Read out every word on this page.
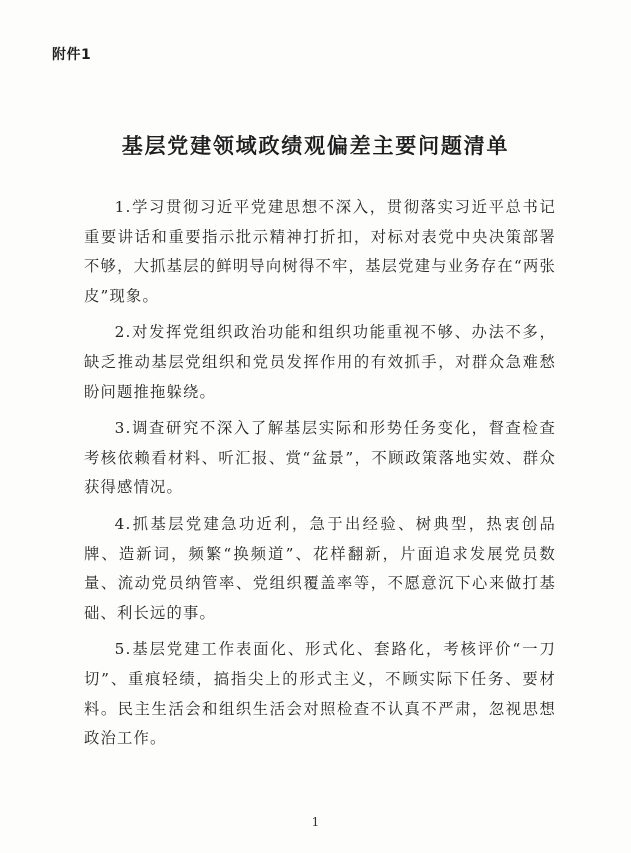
附件1
基层党建领域政绩观偏差主要问题清单

1.学习贯彻习近平党建思想不深入，贯彻落实习近平总书记重要讲话和重要指示批示精神打折扣，对标对表党中央决策部署不够，大抓基层的鲜明导向树得不牢，基层党建与业务存在“两张皮”现象。

2.对发挥党组织政治功能和组织功能重视不够、办法不多，缺乏推动基层党组织和党员发挥作用的有效抓手，对群众急难愁盼问题推拖躲绕。

3.调查研究不深入了解基层实际和形势任务变化，督查检查考核依赖看材料、听汇报、赏“盆景”，不顾政策落地实效、群众获得感情况。

4.抓基层党建急功近利，急于出经验、树典型，热衷创品牌、造新词，频繁“换频道”、花样翻新，片面追求发展党员数量、流动党员纳管率、党组织覆盖率等，不愿意沉下心来做打基础、利长远的事。

5.基层党建工作表面化、形式化、套路化，考核评价“一刀切”、重痕轻绩，搞指尖上的形式主义，不顾实际下任务、要材料。民主生活会和组织生活会对照检查不认真不严肃，忽视思想政治工作。

1
